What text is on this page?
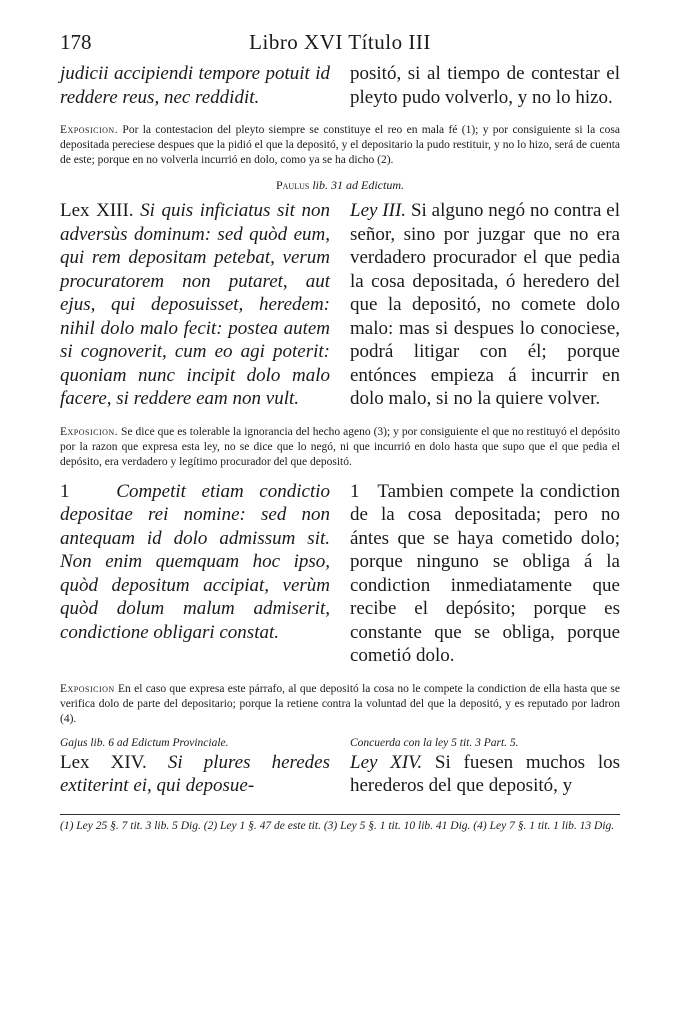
178	Libro XVI Título III
judicii accipiendi tempore potuit id reddere reus, nec reddidit.
positó, si al tiempo de contestar el pleyto pudo volverlo, y no lo hizo.
Exposicion. Por la contestacion del pleyto siempre se constituye el reo en mala fé (1); y por consiguiente si la cosa depositada pereciese despues que la pidió el que la depositó, y el depositario la pudo restituir, y no lo hizo, será de cuenta de este; porque en no volverla incurrió en dolo, como ya se ha dicho (2).
Paulus lib. 31 ad Edictum.
Lex XIII. Si quis inficiatus sit non adversùs dominum: sed quòd eum, qui rem depositam petebat, verum procuratorem non putaret, aut ejus, qui deposuisset, heredem: nihil dolo malo fecit: postea autem si cognoverit, cum eo agi poterit: quoniam nunc incipit dolo malo facere, si reddere eam non vult.
Ley III. Si alguno negó no contra el señor, sino por juzgar que no era verdadero procurador el que pedia la cosa depositada, ó heredero del que la depositó, no comete dolo malo: mas si despues lo conociese, podrá litigar con él; porque entónces empieza á incurrir en dolo malo, si no la quiere volver.
Exposicion. Se dice que es tolerable la ignorancia del hecho ageno (3); y por consiguiente el que no restituyó el depósito por la razon que expresa esta ley, no se dice que lo negó, ni que incurrió en dolo hasta que supo que el que pedia el depósito, era verdadero y legítimo procurador del que depositó.
1 Competit etiam condictio depositae rei nomine: sed non antequam id dolo admissum sit. Non enim quemquam hoc ipso, quòd depositum accipiat, verùm quòd dolum malum admiserit, condictione obligari constat.
1 Tambien compete la condiction de la cosa depositada; pero no ántes que se haya cometido dolo; porque ninguno se obliga á la condiction inmediatamente que recibe el depósito; porque es constante que se obliga, porque cometió dolo.
Exposicion En el caso que expresa este párrafo, al que depositó la cosa no le compete la condiction de ella hasta que se verifica dolo de parte del depositario; porque la retiene contra la voluntad del que la depositó, y es reputado por ladron (4).
Gajus lib. 6 ad Edictum Provinciale.	Concuerda con la ley 5 tit. 3 Part. 5.
Lex XIV. Si plures heredes extiterint ei, qui deposue-
Ley XIV. Si fuesen muchos los herederos del que depositó, y
(1) Ley 25 §. 7 tit. 3 lib. 5 Dig. (2) Ley 1 §. 47 de este tit. (3) Ley 5 §. 1 tit. 10 lib. 41 Dig. (4) Ley 7 §. 1 tit. 1 lib. 13 Dig.
